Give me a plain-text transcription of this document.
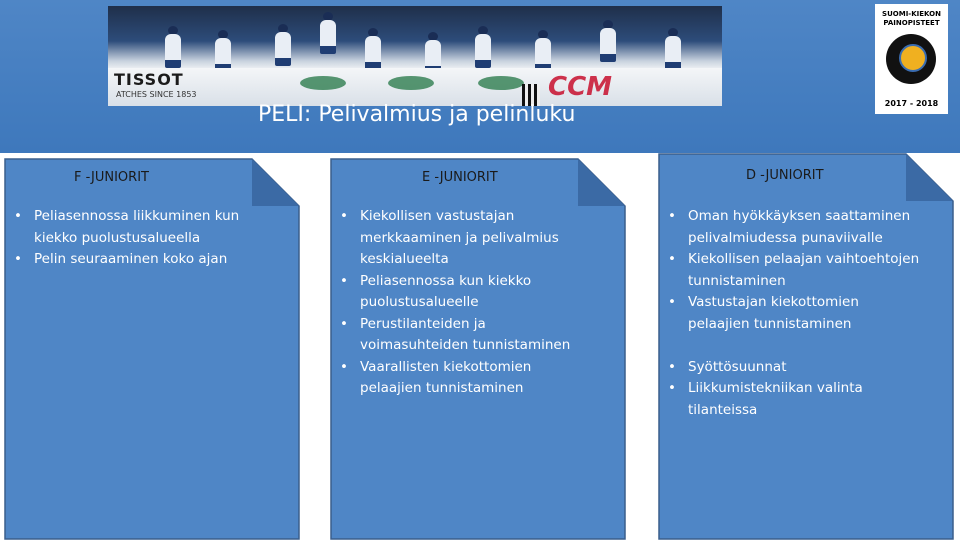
TISSOT
ATCHES SINCE 1853	CCM
PELI: Pelivalmius ja pelinluku
SUOMI-KIEKON
PAINOPISTEET
2017 - 2018
F -JUNIORIT
• Peliasennossa liikkuminen kun kiekko puolustusalueella
• Pelin seuraaminen koko ajan
E -JUNIORIT
• Kiekollisen vastustajan merkkaaminen ja pelivalmius keskialueelta
• Peliasennossa kun kiekko puolustusalueelle
• Perustilanteiden ja voimasuhteiden tunnistaminen
• Vaarallisten kiekottomien pelaajien tunnistaminen
D -JUNIORIT
• Oman hyökkäyksen saattaminen pelivalmiudessa punaviivalle
• Kiekollisen pelaajan vaihtoehtojen tunnistaminen
• Vastustajan kiekottomien pelaajien tunnistaminen
• Syöttösuunnat
• Liikkumistekniikan valinta tilanteissa
